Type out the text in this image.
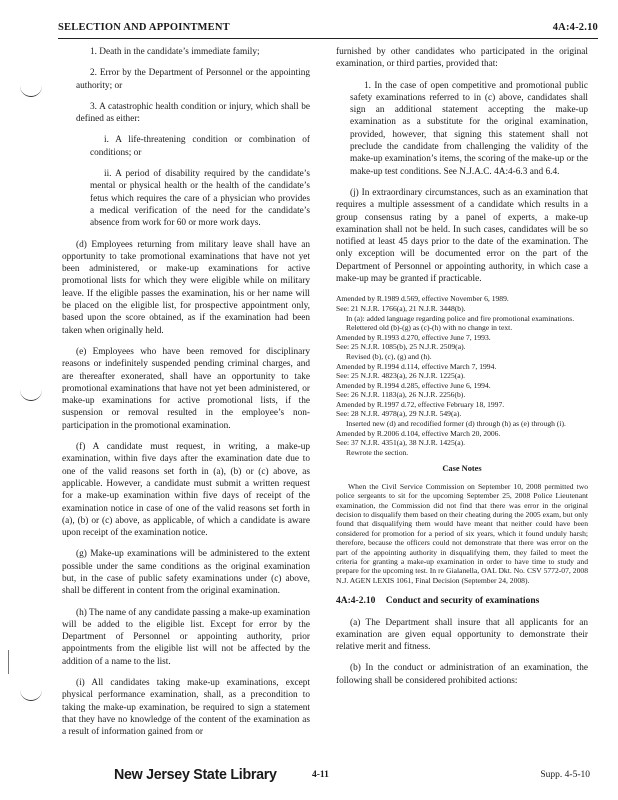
SELECTION AND APPOINTMENT	4A:4-2.10

1. Death in the candidate’s immediate family;

2. Error by the Department of Personnel or the appointing authority; or

3. A catastrophic health condition or injury, which shall be defined as either:

i. A life-threatening condition or combination of conditions; or

ii. A period of disability required by the candidate’s mental or physical health or the health of the candidate’s fetus which requires the care of a physician who provides a medical verification of the need for the candidate’s absence from work for 60 or more work days.

(d) Employees returning from military leave shall have an opportunity to take promotional examinations that have not yet been administered, or make-up examinations for active promotional lists for which they were eligible while on military leave. If the eligible passes the examination, his or her name will be placed on the eligible list, for prospective appointment only, based upon the score obtained, as if the examination had been taken when originally held.

(e) Employees who have been removed for disciplinary reasons or indefinitely suspended pending criminal charges, and are thereafter exonerated, shall have an opportunity to take promotional examinations that have not yet been administered, or make-up examinations for active promotional lists, if the suspension or removal resulted in the employee’s non-participation in the promotional examination.

(f) A candidate must request, in writing, a make-up examination, within five days after the examination date due to one of the valid reasons set forth in (a), (b) or (c) above, as applicable. However, a candidate must submit a written request for a make-up examination within five days of receipt of the examination notice in case of one of the valid reasons set forth in (a), (b) or (c) above, as applicable, of which a candidate is aware upon receipt of the examination notice.

(g) Make-up examinations will be administered to the extent possible under the same conditions as the original examination but, in the case of public safety examinations under (c) above, shall be different in content from the original examination.

(h) The name of any candidate passing a make-up examination will be added to the eligible list. Except for error by the Department of Personnel or appointing authority, prior appointments from the eligible list will not be affected by the addition of a name to the list.

(i) All candidates taking make-up examinations, except physical performance examination, shall, as a precondition to taking the make-up examination, be required to sign a statement that they have no knowledge of the content of the examination as a result of information gained from or

furnished by other candidates who participated in the original examination, or third parties, provided that:

1. In the case of open competitive and promotional public safety examinations referred to in (c) above, candidates shall sign an additional statement accepting the make-up examination as a substitute for the original examination, provided, however, that signing this statement shall not preclude the candidate from challenging the validity of the make-up examination’s items, the scoring of the make-up or the make-up test conditions. See N.J.A.C. 4A:4-6.3 and 6.4.

(j) In extraordinary circumstances, such as an examination that requires a multiple assessment of a candidate which results in a group consensus rating by a panel of experts, a make-up examination shall not be held. In such cases, candidates will be so notified at least 45 days prior to the date of the examination. The only exception will be documented error on the part of the Department of Personnel or appointing authority, in which case a make-up may be granted if practicable.

Amended by R.1989 d.569, effective November 6, 1989.
See: 21 N.J.R. 1766(a), 21 N.J.R. 3448(b).
In (a): added language regarding police and fire promotional examinations.
Relettered old (b)-(g) as (c)-(h) with no change in text.
Amended by R.1993 d.270, effective June 7, 1993.
See: 25 N.J.R. 1085(b), 25 N.J.R. 2509(a).
Revised (b), (c), (g) and (h).
Amended by R.1994 d.114, effective March 7, 1994.
See: 25 N.J.R. 4823(a), 26 N.J.R. 1225(a).
Amended by R.1994 d.285, effective June 6, 1994.
See: 26 N.J.R. 1183(a), 26 N.J.R. 2256(b).
Amended by R.1997 d.72, effective February 18, 1997.
See: 28 N.J.R. 4978(a), 29 N.J.R. 549(a).
Inserted new (d) and recodified former (d) through (h) as (e) through (i).
Amended by R.2006 d.104, effective March 20, 2006.
See: 37 N.J.R. 4351(a), 38 N.J.R. 1425(a).
Rewrote the section.
Case Notes

When the Civil Service Commission on September 10, 2008 permitted two police sergeants to sit for the upcoming September 25, 2008 Police Lieutenant examination, the Commission did not find that there was error in the original decision to disqualify them based on their cheating during the 2005 exam, but only found that disqualifying them would have meant that neither could have been considered for promotion for a period of six years, which it found unduly harsh; therefore, because the officers could not demonstrate that there was error on the part of the appointing authority in disqualifying them, they failed to meet the criteria for granting a make-up examination in order to have time to study and prepare for the upcoming test. In re Gialanella, OAL Dkt. No. CSV 5772-07, 2008 N.J. AGEN LEXIS 1061, Final Decision (September 24, 2008).

4A:4-2.10 Conduct and security of examinations

(a) The Department shall insure that all applicants for an examination are given equal opportunity to demonstrate their relative merit and fitness.

(b) In the conduct or administration of an examination, the following shall be considered prohibited actions:

New Jersey State Library	4-11	Supp. 4-5-10
